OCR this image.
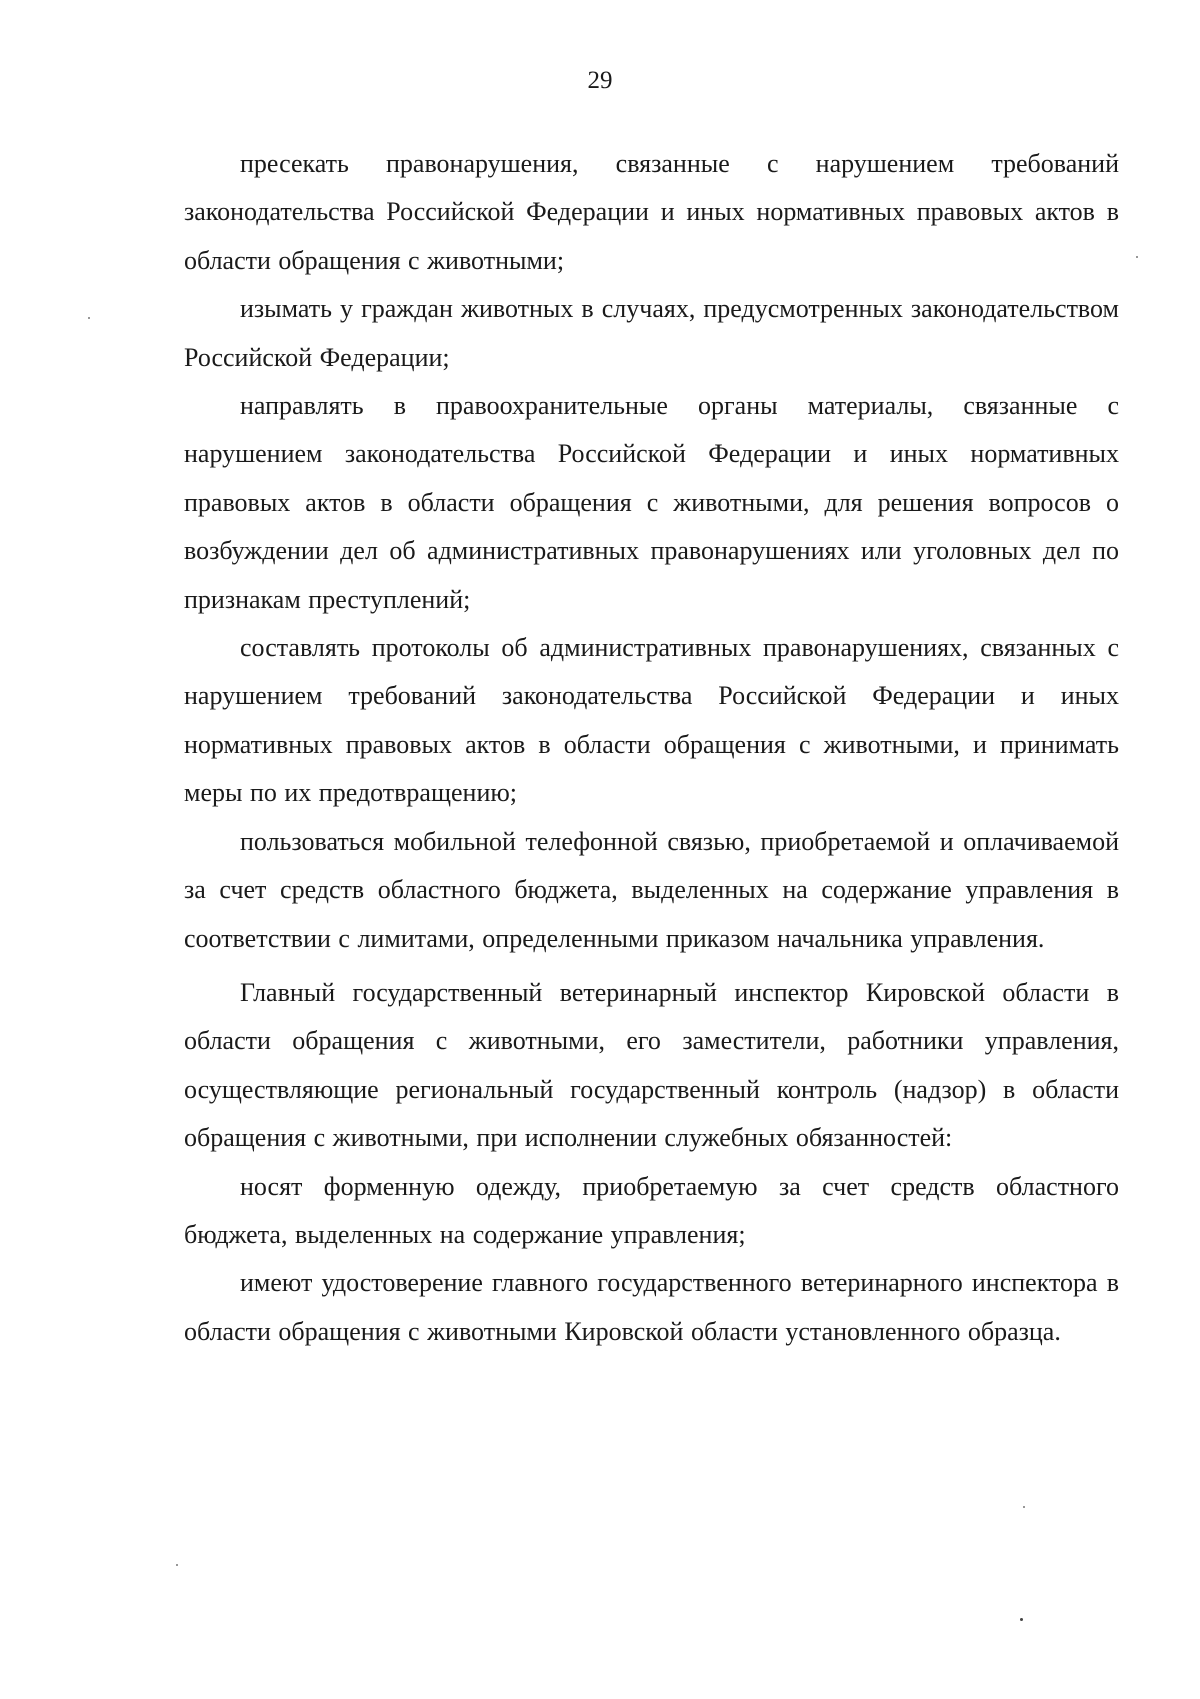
29

пресекать правонарушения, связанные с нарушением требований законодательства Российской Федерации и иных нормативных правовых актов в области обращения с животными;

изымать у граждан животных в случаях, предусмотренных законодательством Российской Федерации;

направлять в правоохранительные органы материалы, связанные с нарушением законодательства Российской Федерации и иных нормативных правовых актов в области обращения с животными, для решения вопросов о возбуждении дел об административных правонарушениях или уголовных дел по признакам преступлений;

составлять протоколы об административных правонарушениях, связанных с нарушением требований законодательства Российской Федерации и иных нормативных правовых актов в области обращения с животными, и принимать меры по их предотвращению;

пользоваться мобильной телефонной связью, приобретаемой и оплачиваемой за счет средств областного бюджета, выделенных на содержание управления в соответствии с лимитами, определенными приказом начальника управления.

Главный государственный ветеринарный инспектор Кировской области в области обращения с животными, его заместители, работники управления, осуществляющие региональный государственный контроль (надзор) в области обращения с животными, при исполнении служебных обязанностей:

носят форменную одежду, приобретаемую за счет средств областного бюджета, выделенных на содержание управления;

имеют удостоверение главного государственного ветеринарного инспектора в области обращения с животными Кировской области установленного образца.
